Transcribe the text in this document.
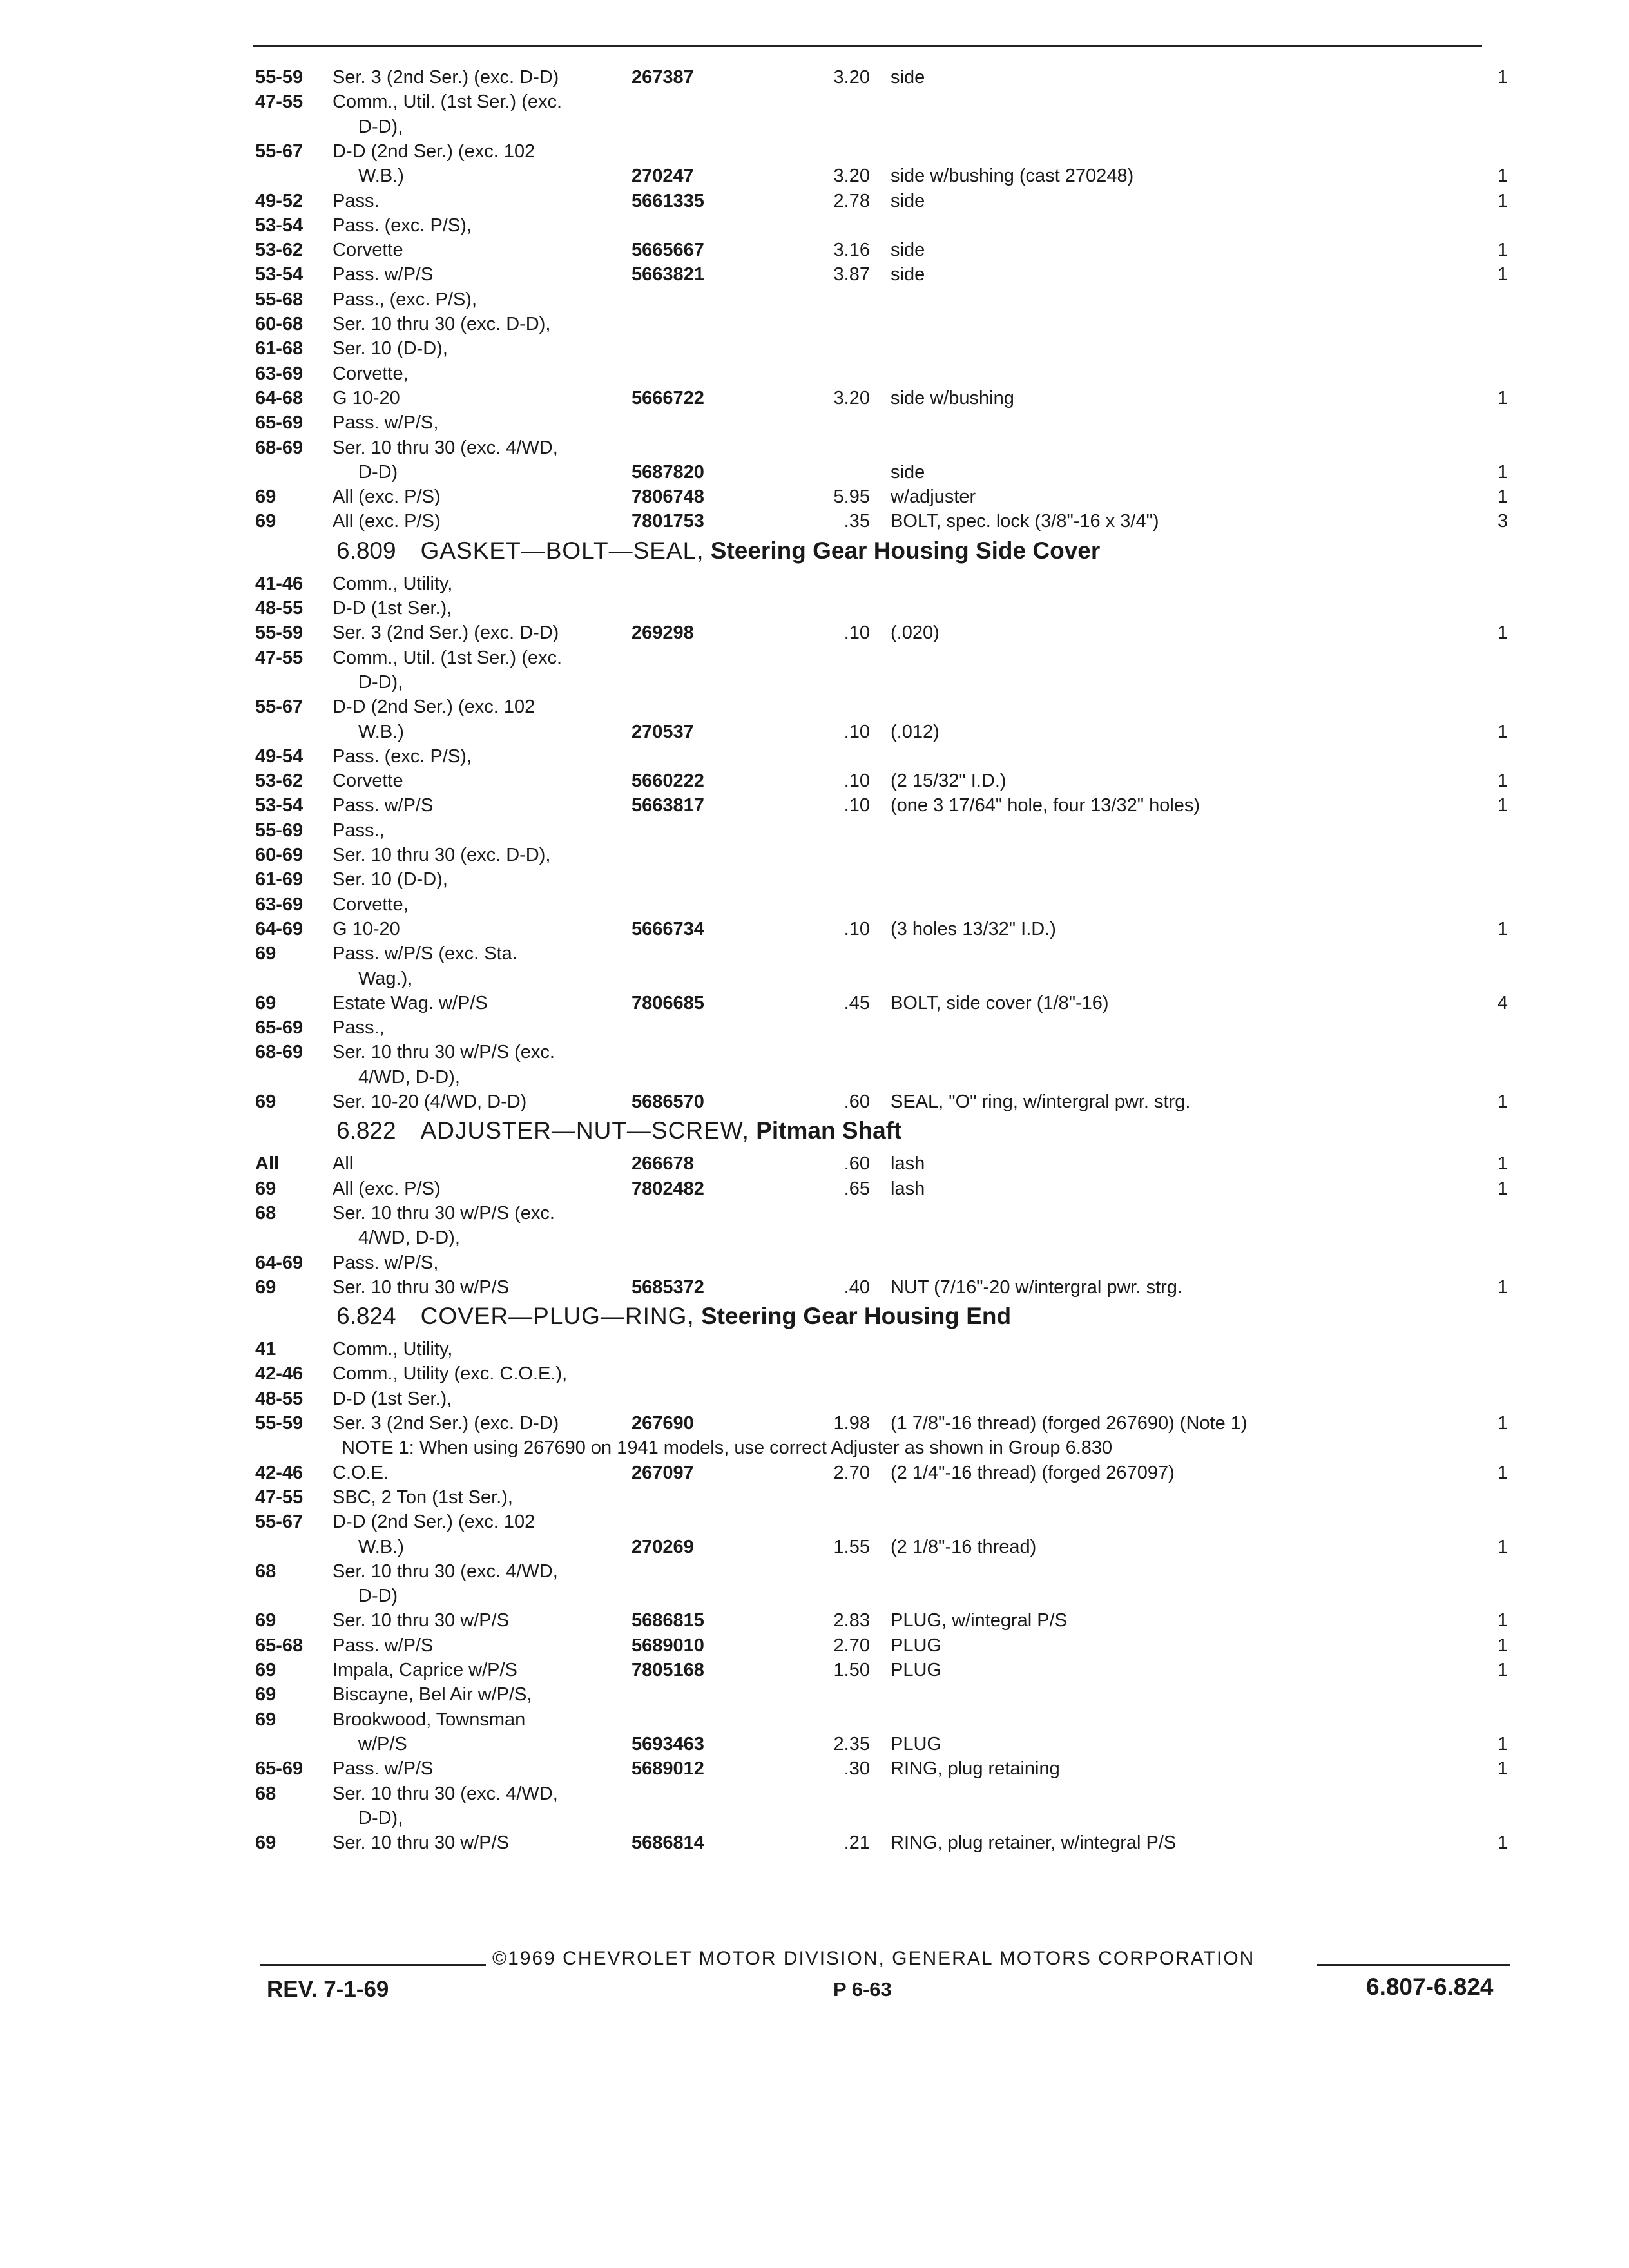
55-59 Ser. 3 (2nd Ser.) (exc. D-D)	267387	3.20 side	1
47-55 Comm., Util. (1st Ser.) (exc.
D-D),
55-67 D-D (2nd Ser.) (exc. 102
W.B.)	270247	3.20 side w/bushing (cast 270248)	1
49-52 Pass.	5661335	2.78 side	1
53-54 Pass. (exc. P/S),
53-62 Corvette	5665667	3.16 side	1
53-54 Pass. w/P/S	5663821	3.87 side	1
55-68 Pass., (exc. P/S),
60-68 Ser. 10 thru 30 (exc. D-D),
61-68 Ser. 10 (D-D),
63-69 Corvette,
64-68 G 10-20	5666722	3.20 side w/bushing	1
65-69 Pass. w/P/S,
68-69 Ser. 10 thru 30 (exc. 4/WD,
D-D)	5687820	side	1
69	All (exc. P/S)	7806748	5.95 w/adjuster	1
69	All (exc. P/S)	7801753	.35 BOLT, spec. lock (3/8"-16 x 3/4")	3
6.809 GASKET—BOLT—SEAL, Steering Gear Housing Side Cover
41-46 Comm., Utility,
48-55 D-D (1st Ser.),
55-59 Ser. 3 (2nd Ser.) (exc. D-D)	269298	.10 (.020)	1
47-55 Comm., Util. (1st Ser.) (exc.
D-D),
55-67 D-D (2nd Ser.) (exc. 102
W.B.)	270537	.10 (.012)	1
49-54 Pass. (exc. P/S),
53-62 Corvette	5660222	.10 (2 15/32" I.D.)	1
53-54 Pass. w/P/S	5663817	.10 (one 3 17/64" hole, four 13/32" holes)	1
55-69 Pass.,
60-69 Ser. 10 thru 30 (exc. D-D),
61-69 Ser. 10 (D-D),
63-69 Corvette,
64-69 G 10-20	5666734	.10 (3 holes 13/32" I.D.)	1
69	Pass. w/P/S (exc. Sta.
Wag.),
69	Estate Wag. w/P/S	7806685	.45 BOLT, side cover (1/8"-16)	4
65-69 Pass.,
68-69 Ser. 10 thru 30 w/P/S (exc.
4/WD, D-D),
69	Ser. 10-20 (4/WD, D-D)	5686570	.60 SEAL, "O" ring, w/intergral pwr. strg.	1
6.822 ADJUSTER—NUT—SCREW, Pitman Shaft
All	All	266678	.60 lash	1
69	All (exc. P/S)	7802482	.65 lash	1
68	Ser. 10 thru 30 w/P/S (exc.
4/WD, D-D),
64-69 Pass. w/P/S,
69	Ser. 10 thru 30 w/P/S	5685372	.40 NUT (7/16"-20 w/intergral pwr. strg.	1
6.824 COVER—PLUG—RING, Steering Gear Housing End
41	Comm., Utility,
42-46 Comm., Utility (exc. C.O.E.),
48-55 D-D (1st Ser.),
55-59 Ser. 3 (2nd Ser.) (exc. D-D)	267690	1.98 (1 7/8"-16 thread) (forged 267690) (Note 1)	1
NOTE 1: When using 267690 on 1941 models, use correct Adjuster as shown in Group 6.830
42-46 C.O.E.	267097	2.70 (2 1/4"-16 thread) (forged 267097)	1
47-55 SBC, 2 Ton (1st Ser.),
55-67 D-D (2nd Ser.) (exc. 102
W.B.)	270269	1.55 (2 1/8"-16 thread)	1
68	Ser. 10 thru 30 (exc. 4/WD,
D-D)
69	Ser. 10 thru 30 w/P/S	5686815	2.83 PLUG, w/integral P/S	1
65-68 Pass. w/P/S	5689010	2.70 PLUG	1
69	Impala, Caprice w/P/S	7805168	1.50 PLUG	1
69	Biscayne, Bel Air w/P/S,
69	Brookwood, Townsman
w/P/S	5693463	2.35 PLUG	1
65-69 Pass. w/P/S	5689012	.30 RING, plug retaining	1
68	Ser. 10 thru 30 (exc. 4/WD,
D-D),
69	Ser. 10 thru 30 w/P/S	5686814	.21 RING, plug retainer, w/integral P/S	1
©1969 CHEVROLET MOTOR DIVISION, GENERAL MOTORS CORPORATION
REV. 7-1-69	P 6-63	6.807-6.824
